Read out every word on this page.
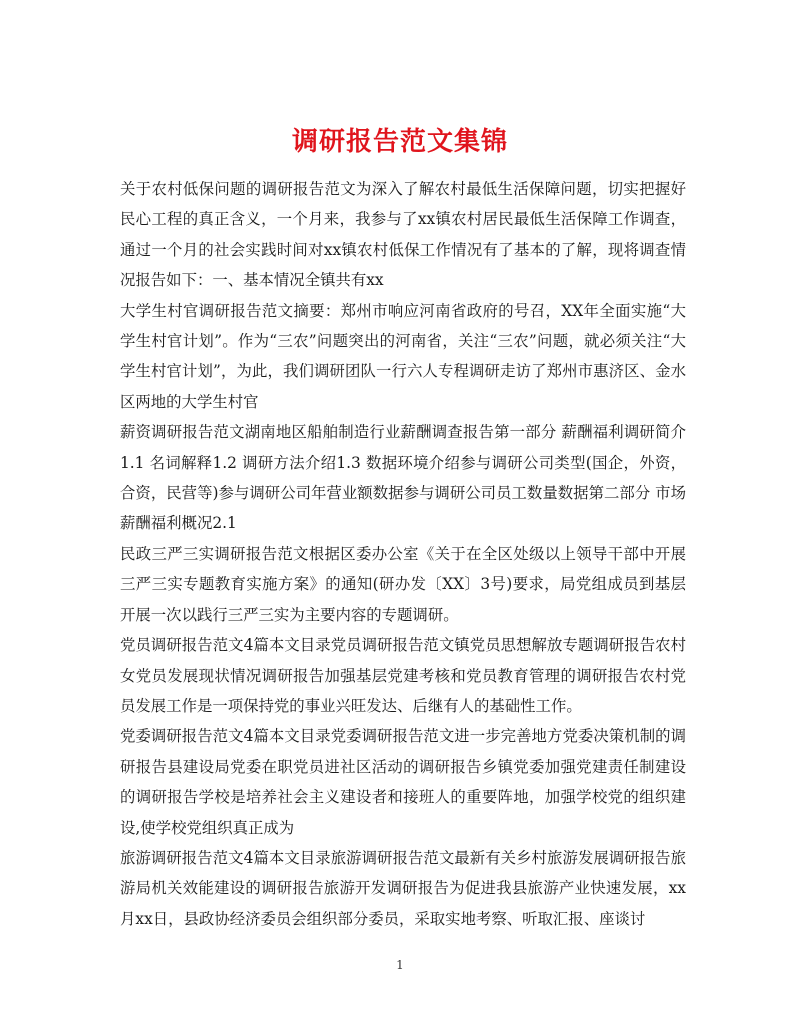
调研报告范文集锦

关于农村低保问题的调研报告范文为深入了解农村最低生活保障问题，切实把握好民心工程的真正含义，一个月来，我参与了xx镇农村居民最低生活保障工作调查，通过一个月的社会实践时间对xx镇农村低保工作情况有了基本的了解，现将调查情况报告如下：一、基本情况全镇共有xx

大学生村官调研报告范文摘要：郑州市响应河南省政府的号召，XX年全面实施“大学生村官计划”。作为“三农”问题突出的河南省，关注“三农”问题，就必须关注“大学生村官计划”，为此，我们调研团队一行六人专程调研走访了郑州市惠济区、金水区两地的大学生村官

薪资调研报告范文湖南地区船舶制造行业薪酬调查报告第一部分 薪酬福利调研简介1.1 名词解释1.2 调研方法介绍1.3 数据环境介绍参与调研公司类型(国企，外资，合资，民营等)参与调研公司年营业额数据参与调研公司员工数量数据第二部分 市场薪酬福利概况2.1

民政三严三实调研报告范文根据区委办公室《关于在全区处级以上领导干部中开展三严三实专题教育实施方案》的通知(研办发〔XX〕3号)要求，局党组成员到基层开展一次以践行三严三实为主要内容的专题调研。

党员调研报告范文4篇本文目录党员调研报告范文镇党员思想解放专题调研报告农村女党员发展现状情况调研报告加强基层党建考核和党员教育管理的调研报告农村党员发展工作是一项保持党的事业兴旺发达、后继有人的基础性工作。

党委调研报告范文4篇本文目录党委调研报告范文进一步完善地方党委决策机制的调研报告县建设局党委在职党员进社区活动的调研报告乡镇党委加强党建责任制建设的调研报告学校是培养社会主义建设者和接班人的重要阵地，加强学校党的组织建设,使学校党组织真正成为

旅游调研报告范文4篇本文目录旅游调研报告范文最新有关乡村旅游发展调研报告旅游局机关效能建设的调研报告旅游开发调研报告为促进我县旅游产业快速发展，xx月xx日，县政协经济委员会组织部分委员，采取实地考察、听取汇报、座谈讨

1
